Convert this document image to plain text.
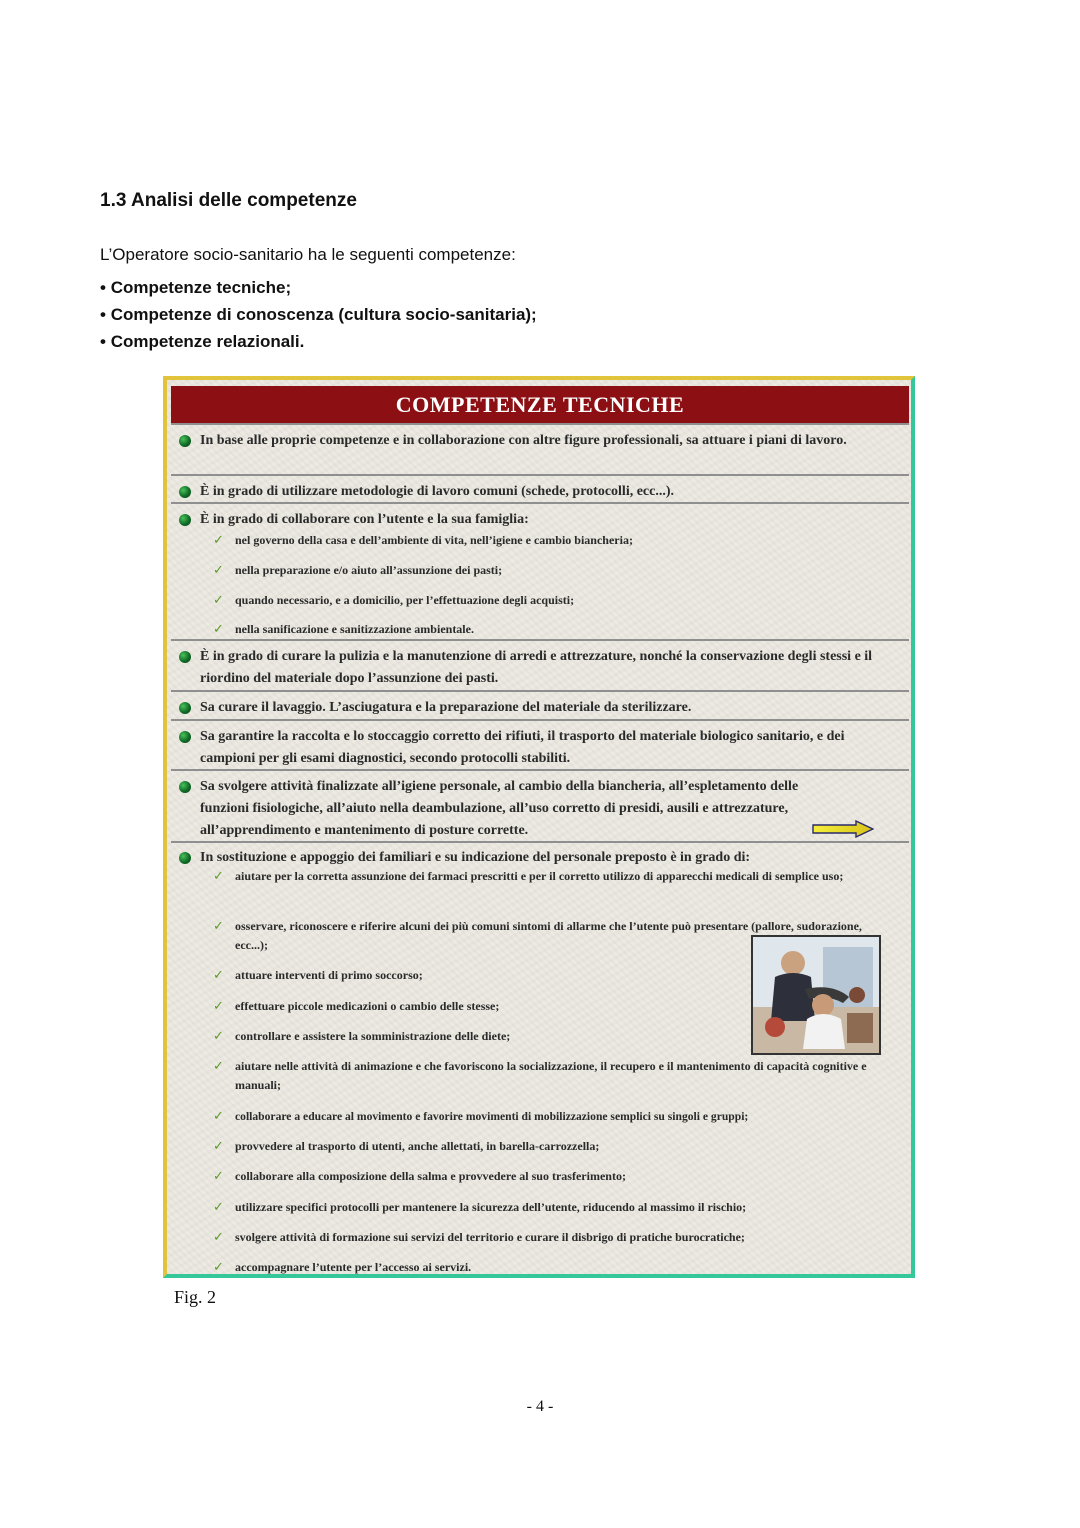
1.3 Analisi delle competenze
L’Operatore socio-sanitario ha le seguenti competenze:
• Competenze tecniche;
• Competenze di conoscenza (cultura socio-sanitaria);
• Competenze relazionali.
COMPETENZE TECNICHE
In base alle proprie competenze e in collaborazione con altre figure professionali, sa attuare i piani di lavoro.
È in grado di utilizzare metodologie di lavoro comuni (schede, protocolli, ecc...).
È in grado di collaborare con l’utente e la sua famiglia:
✓ nel governo della casa e dell’ambiente di vita, nell’igiene e cambio biancheria;
✓ nella preparazione e/o aiuto all’assunzione dei pasti;
✓ quando necessario, e a domicilio, per l’effettuazione degli acquisti;
✓ nella sanificazione e sanitizzazione ambientale.
È in grado di curare la pulizia e la manutenzione di arredi e attrezzature, nonché la conservazione degli stessi e il riordino del materiale dopo l’assunzione dei pasti.
Sa curare il lavaggio. L’asciugatura e la preparazione del materiale da sterilizzare.
Sa garantire la raccolta e lo stoccaggio corretto dei rifiuti, il trasporto del materiale biologico sanitario, e dei campioni per gli esami diagnostici, secondo protocolli stabiliti.
Sa svolgere attività finalizzate all’igiene personale, al cambio della biancheria, all’espletamento delle funzioni fisiologiche, all’aiuto nella deambulazione, all’uso corretto di presidi, ausili e attrezzature, all’apprendimento e mantenimento di posture corrette.
In sostituzione e appoggio dei familiari e su indicazione del personale preposto è in grado di:
✓ aiutare per la corretta assunzione dei farmaci prescritti e per il corretto utilizzo di apparecchi medicali di semplice uso;
✓ osservare, riconoscere e riferire alcuni dei più comuni sintomi di allarme che l’utente può presentare (pallore, sudorazione, ecc...);
✓ attuare interventi di primo soccorso;
✓ effettuare piccole medicazioni o cambio delle stesse;
✓ controllare e assistere la somministrazione delle diete;
✓ aiutare nelle attività di animazione e che favoriscono la socializzazione, il recupero e il mantenimento di capacità cognitive e manuali;
✓ collaborare a educare al movimento e favorire movimenti di mobilizzazione semplici su singoli e gruppi;
✓ provvedere al trasporto di utenti, anche allettati, in barella-carrozzella;
✓ collaborare alla composizione della salma e provvedere al suo trasferimento;
✓ utilizzare specifici protocolli per mantenere la sicurezza dell’utente, riducendo al massimo il rischio;
✓ svolgere attività di formazione sui servizi del territorio e curare il disbrigo di pratiche burocratiche;
✓ accompagnare l’utente per l’accesso ai servizi.
Fig. 2
- 4 -
